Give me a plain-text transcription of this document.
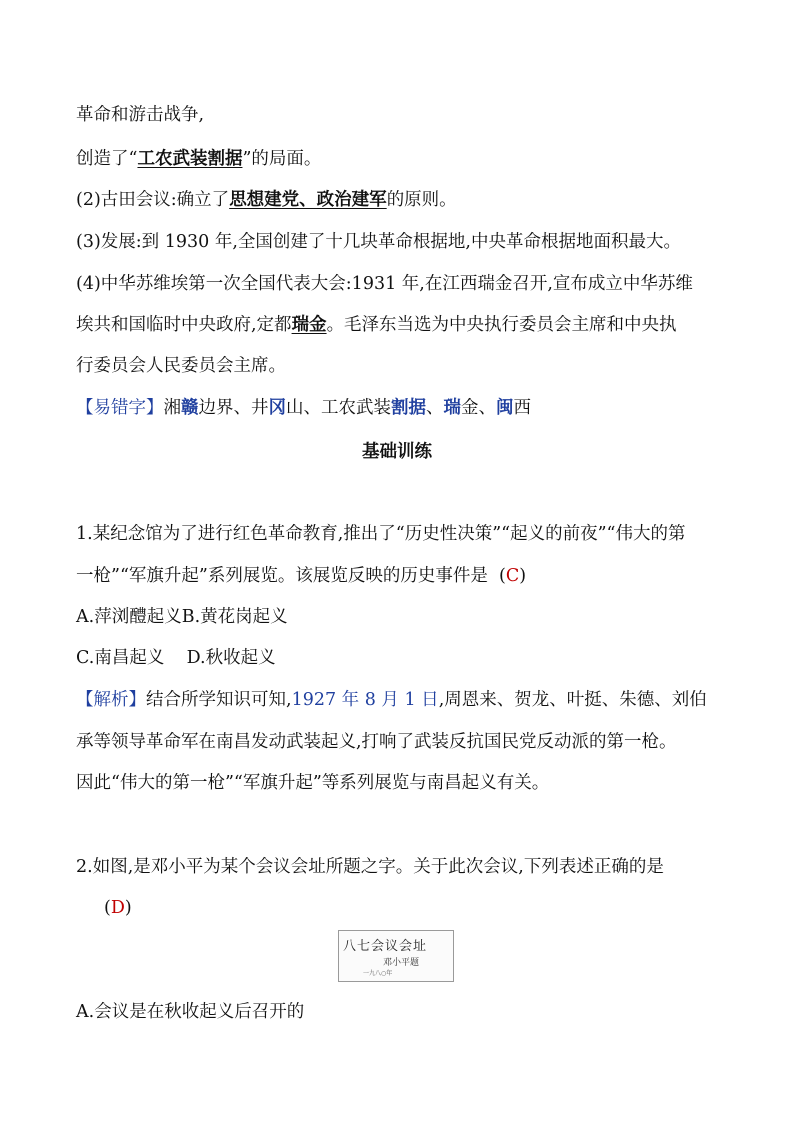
革命和游击战争,
创造了“工农武装割据”的局面。
(2)古田会议:确立了思想建党、政治建军的原则。
(3)发展:到 1930 年,全国创建了十几块革命根据地,中央革命根据地面积最大。
(4)中华苏维埃第一次全国代表大会:1931 年,在江西瑞金召开,宣布成立中华苏维
埃共和国临时中央政府,定都瑞金。毛泽东当选为中央执行委员会主席和中央执
行委员会人民委员会主席。
【易错字】湘赣边界、井冈山、工农武装割据、瑞金、闽西
基础训练
1.某纪念馆为了进行红色革命教育,推出了“历史性决策”“起义的前夜”“伟大的第
一枪”“军旗升起”系列展览。该展览反映的历史事件是 (C)
A.萍浏醴起义B.黄花岗起义
C.南昌起义 D.秋收起义
【解析】结合所学知识可知,1927 年 8 月 1 日,周恩来、贺龙、叶挺、朱德、刘伯
承等领导革命军在南昌发动武装起义,打响了武装反抗国民党反动派的第一枪。
因此“伟大的第一枪”“军旗升起”等系列展览与南昌起义有关。
2.如图,是邓小平为某个会议会址所题之字。关于此次会议,下列表述正确的是
(D)
八七会议会址
邓小平题
一九八○年
A.会议是在秋收起义后召开的
